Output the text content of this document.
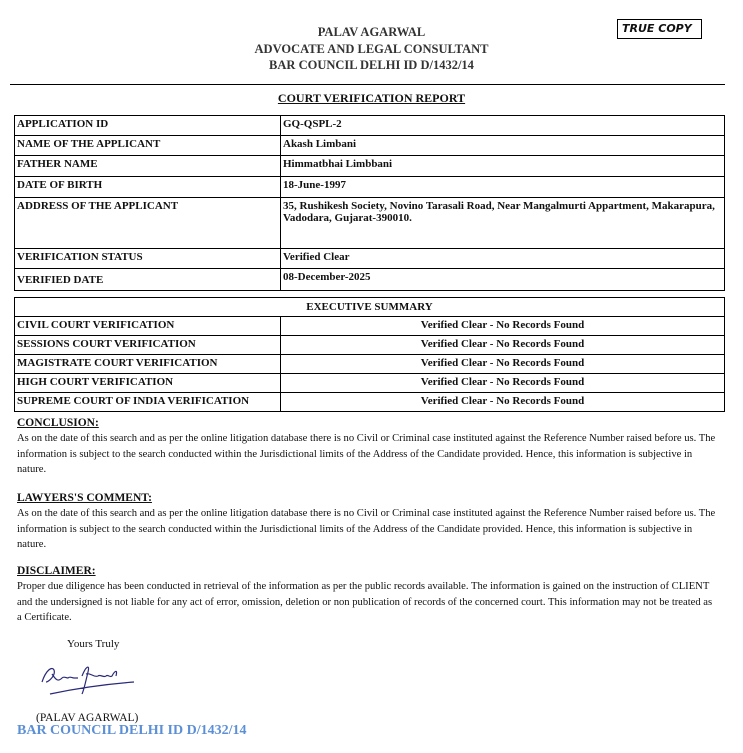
PALAV AGARWAL
ADVOCATE AND LEGAL CONSULTANT
BAR COUNCIL DELHI ID D/1432/14
TRUE COPY
COURT VERIFICATION REPORT
APPLICATION ID	GQ-QSPL-2
NAME OF THE APPLICANT	Akash Limbani
FATHER NAME	Himmatbhai Limbbani
DATE OF BIRTH	18-June-1997
ADDRESS OF THE APPLICANT	35, Rushikesh Society, Novino Tarasali Road, Near Mangalmurti Appartment, Makarapura, Vadodara, Gujarat-390010.
VERIFICATION STATUS	Verified Clear
VERIFIED DATE	08-December-2025
EXECUTIVE SUMMARY	
CIVIL COURT VERIFICATION	Verified Clear - No Records Found
SESSIONS COURT VERIFICATION	Verified Clear - No Records Found
MAGISTRATE COURT VERIFICATION	Verified Clear - No Records Found
HIGH COURT VERIFICATION	Verified Clear - No Records Found
SUPREME COURT OF INDIA VERIFICATION	Verified Clear - No Records Found
CONCLUSION:

As on the date of this search and as per the online litigation database there is no Civil or Criminal case instituted against the Reference Number raised before us. The information is subject to the search conducted within the Jurisdictional limits of the Address of the Candidate provided. Hence, this information is subjective in nature.

LAWYERS'S COMMENT:

As on the date of this search and as per the online litigation database there is no Civil or Criminal case instituted against the Reference Number raised before us. The information is subject to the search conducted within the Jurisdictional limits of the Address of the Candidate provided. Hence, this information is subjective in nature.

DISCLAIMER:

Proper due diligence has been conducted in retrieval of the information as per the public records available. The information is gained on the instruction of CLIENT and the undersigned is not liable for any act of error, omission, deletion or non publication of records of the concerned court. This information may not be treated as a Certificate.

Yours Truly
(PALAV AGARWAL)
BAR COUNCIL DELHI ID D/1432/14
